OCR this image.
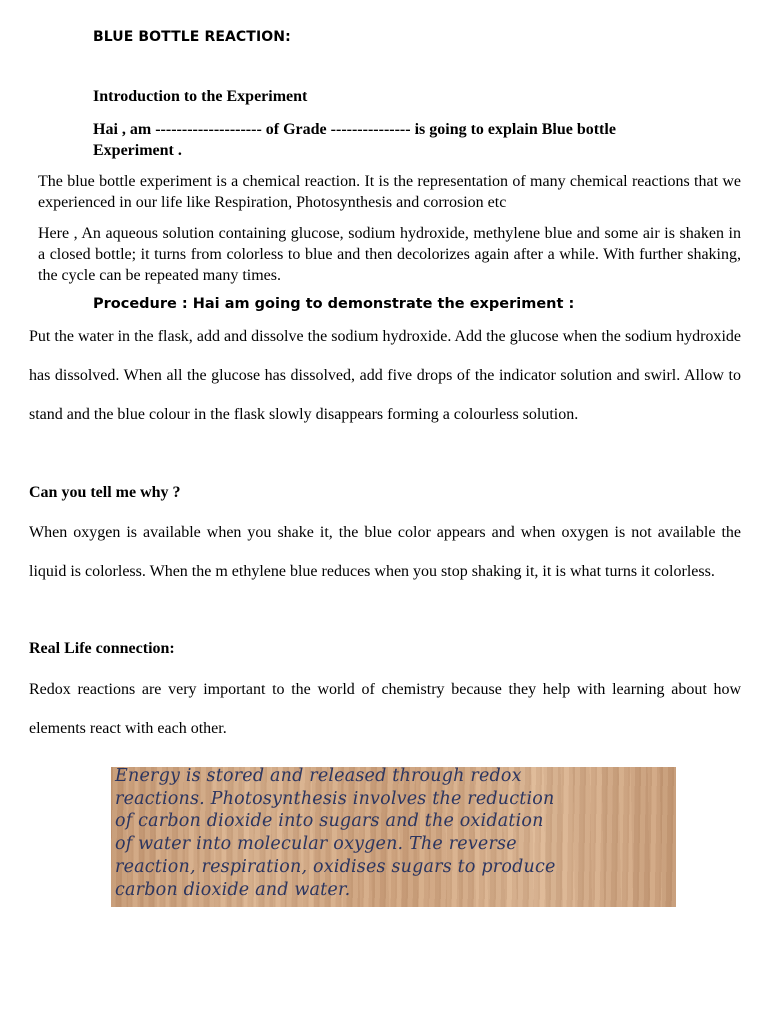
BLUE BOTTLE REACTION:
Introduction to the Experiment
Hai , am -------------------- of Grade --------------- is going to explain Blue bottle Experiment .
The blue bottle experiment is a chemical reaction. It is the representation of many chemical reactions that we experienced in our life like Respiration, Photosynthesis and corrosion etc
Here , An aqueous solution containing glucose, sodium hydroxide, methylene blue and some air is shaken in a closed bottle; it turns from colorless to blue and then decolorizes again after a while. With further shaking, the cycle can be repeated many times.
Procedure : Hai am going to demonstrate the experiment :
Put the water in the flask, add and dissolve the sodium hydroxide. Add the glucose when the sodium hydroxide has dissolved. When all the glucose has dissolved, add five drops of the indicator solution and swirl. Allow to stand and the blue colour in the flask slowly disappears forming a colourless solution.
Can you tell me why ?
When oxygen is available when you shake it, the blue color appears and when oxygen is not available the liquid is colorless. When the m ethylene blue reduces when you stop shaking it, it is what turns it colorless.
Real Life connection:
Redox reactions are very important to the world of chemistry because they help with learning about how elements react with each other.
Energy is stored and released through redox
reactions. Photosynthesis involves the reduction
of carbon dioxide into sugars and the oxidation
of water into molecular oxygen. The reverse
reaction, respiration, oxidises sugars to produce
carbon dioxide and water.
